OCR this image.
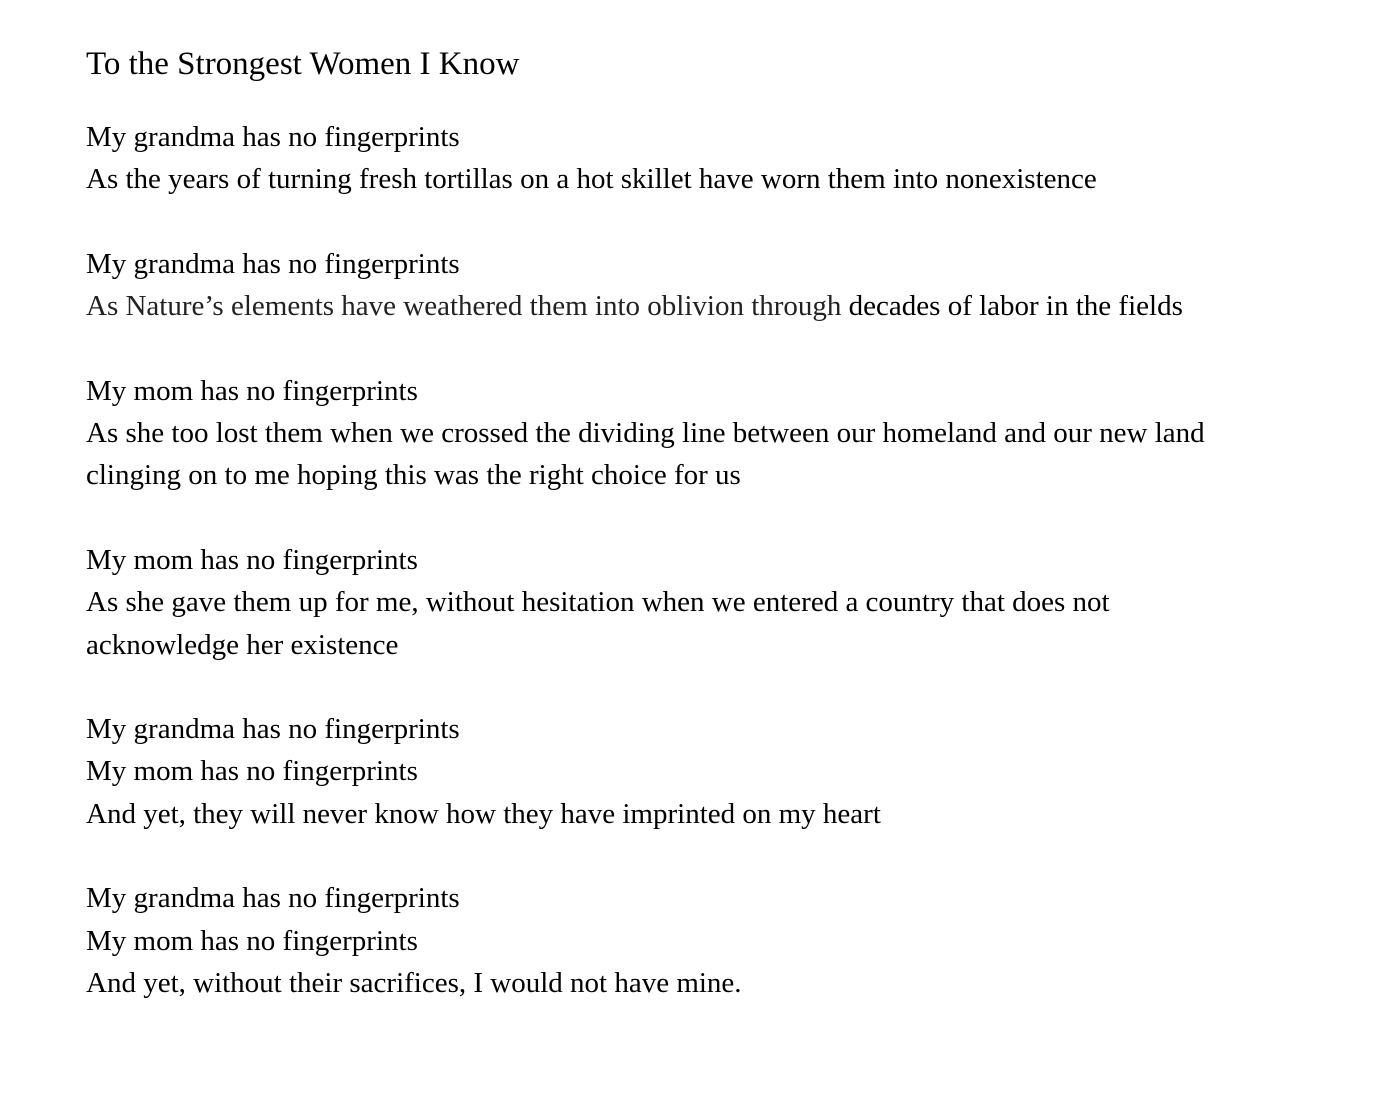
To the Strongest Women I Know
My grandma has no fingerprints
As the years of turning fresh tortillas on a hot skillet have worn them into nonexistence
My grandma has no fingerprints
As Nature’s elements have weathered them into oblivion through decades of labor in the fields
My mom has no fingerprints
As she too lost them when we crossed the dividing line between our homeland and our new land
clinging on to me hoping this was the right choice for us
My mom has no fingerprints
As she gave them up for me, without hesitation when we entered a country that does not
acknowledge her existence
My grandma has no fingerprints
My mom has no fingerprints
And yet, they will never know how they have imprinted on my heart
My grandma has no fingerprints
My mom has no fingerprints
And yet, without their sacrifices, I would not have mine.
